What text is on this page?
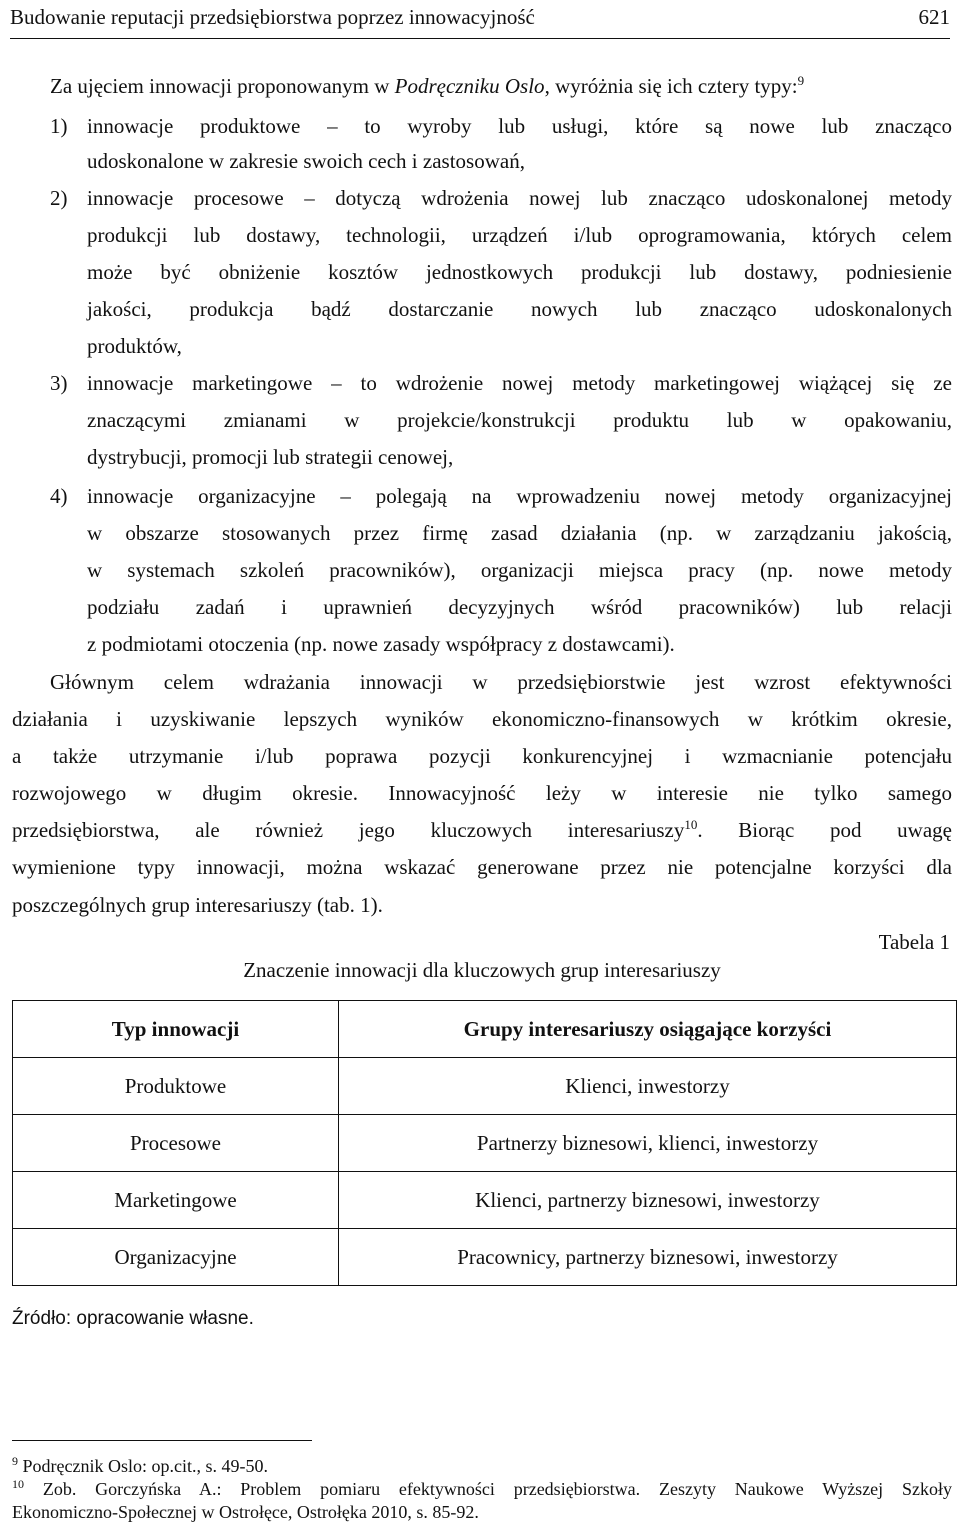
Budowanie reputacji przedsiębiorstwa poprzez innowacyjność	621
Za ujęciem innowacji proponowanym w Podręczniku Oslo, wyróżnia się ich cztery typy:$^9$
1) innowacje produktowe – to wyroby lub usługi, które są nowe lub znacząco
udoskonalone w zakresie swoich cech i zastosowań,
2) innowacje procesowe – dotyczą wdrożenia nowej lub znacząco udoskonalonej metody
produkcji lub dostawy, technologii, urządzeń i/lub oprogramowania, których celem
może być obniżenie kosztów jednostkowych produkcji lub dostawy, podniesienie
jakości, produkcja bądź dostarczanie nowych lub znacząco udoskonalonych
produktów,
3) innowacje marketingowe – to wdrożenie nowej metody marketingowej wiążącej się ze
znaczącymi zmianami w projekcie/konstrukcji produktu lub w opakowaniu,
dystrybucji, promocji lub strategii cenowej,
4) innowacje organizacyjne – polegają na wprowadzeniu nowej metody organizacyjnej
w obszarze stosowanych przez firmę zasad działania (np. w zarządzaniu jakością,
w systemach szkoleń pracowników), organizacji miejsca pracy (np. nowe metody
podziału zadań i uprawnień decyzyjnych wśród pracowników) lub relacji
z podmiotami otoczenia (np. nowe zasady współpracy z dostawcami).
Głównym celem wdrażania innowacji w przedsiębiorstwie jest wzrost efektywności
działania i uzyskiwanie lepszych wyników ekonomiczno-finansowych w krótkim okresie,
a także utrzymanie i/lub poprawa pozycji konkurencyjnej i wzmacnianie potencjału
rozwojowego w długim okresie. Innowacyjność leży w interesie nie tylko samego
przedsiębiorstwa, ale również jego kluczowych interesariuszy$^{10}$. Biorąc pod uwagę
wymienione typy innowacji, można wskazać generowane przez nie potencjalne korzyści dla
poszczególnych grup interesariuszy (tab. 1).
Tabela 1
Znaczenie innowacji dla kluczowych grup interesariuszy
Typ innowacji	Grupy interesariuszy osiągające korzyści
Produktowe	Klienci, inwestorzy
Procesowe	Partnerzy biznesowi, klienci, inwestorzy
Marketingowe	Klienci, partnerzy biznesowi, inwestorzy
Organizacyjne	Pracownicy, partnerzy biznesowi, inwestorzy
Źródło: opracowanie własne.
$^9$ Podręcznik Oslo: op.cit., s. 49-50.
$^{10}$ Zob. Gorczyńska A.: Problem pomiaru efektywności przedsiębiorstwa. Zeszyty Naukowe Wyższej Szkoły
Ekonomiczno-Społecznej w Ostrołęce, Ostrołęka 2010, s. 85-92.
